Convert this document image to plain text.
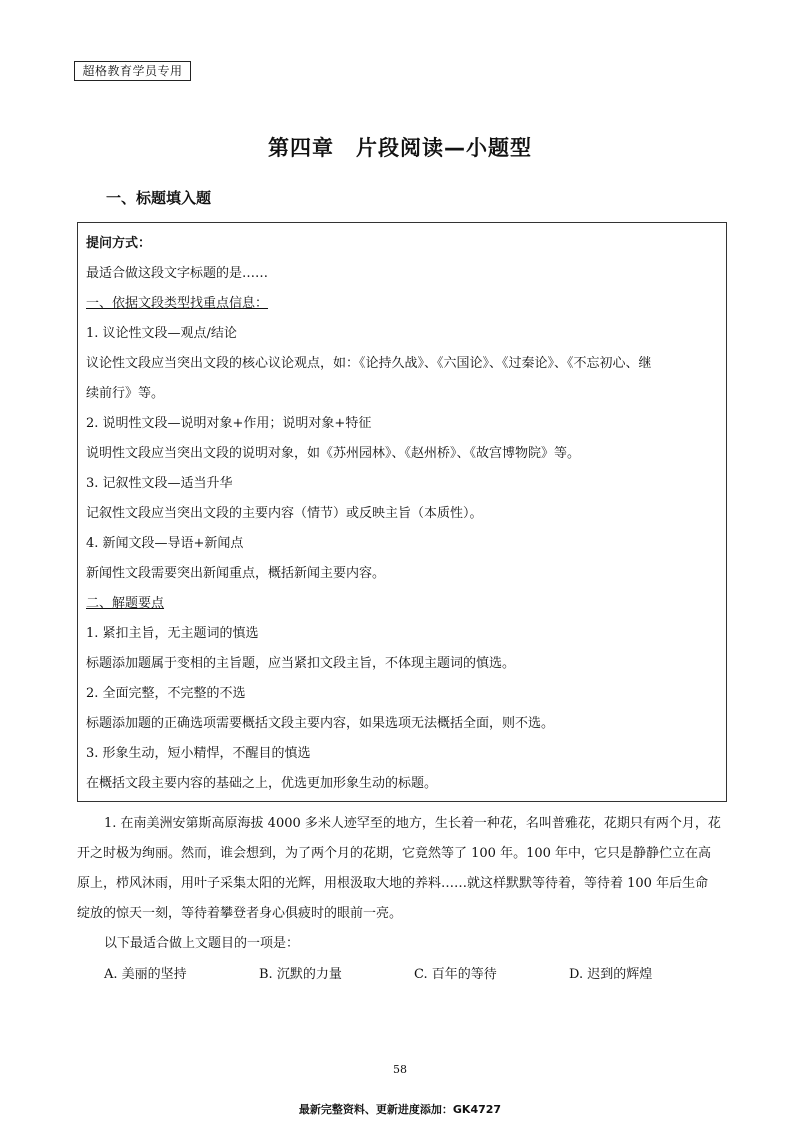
超格教育学员专用
第四章　片段阅读—小题型
一、标题填入题
提问方式：
最适合做这段文字标题的是……
一、依据文段类型找重点信息：
1. 议论性文段—观点/结论
议论性文段应当突出文段的核心议论观点，如：《论持久战》、《六国论》、《过秦论》、《不忘初心、继
续前行》等。
2. 说明性文段—说明对象+作用；说明对象+特征
说明性文段应当突出文段的说明对象，如《苏州园林》、《赵州桥》、《故宫博物院》等。
3. 记叙性文段—适当升华
记叙性文段应当突出文段的主要内容（情节）或反映主旨（本质性）。
4. 新闻文段—导语+新闻点
新闻性文段需要突出新闻重点，概括新闻主要内容。
二、解题要点
1. 紧扣主旨，无主题词的慎选
标题添加题属于变相的主旨题，应当紧扣文段主旨，不体现主题词的慎选。
2. 全面完整，不完整的不选
标题添加题的正确选项需要概括文段主要内容，如果选项无法概括全面，则不选。
3. 形象生动，短小精悍，不醒目的慎选
在概括文段主要内容的基础之上，优选更加形象生动的标题。
1. 在南美洲安第斯高原海拔 4000 多米人迹罕至的地方，生长着一种花，名叫普雅花，花期只有两个月，花
开之时极为绚丽。然而，谁会想到，为了两个月的花期，它竟然等了 100 年。100 年中，它只是静静伫立在高
原上，栉风沐雨，用叶子采集太阳的光辉，用根汲取大地的养料……就这样默默等待着，等待着 100 年后生命
绽放的惊天一刻，等待着攀登者身心俱疲时的眼前一亮。
以下最适合做上文题目的一项是：
A. 美丽的坚持	B. 沉默的力量	C. 百年的等待	D. 迟到的辉煌
58
最新完整资料、更新进度添加：GK4727
